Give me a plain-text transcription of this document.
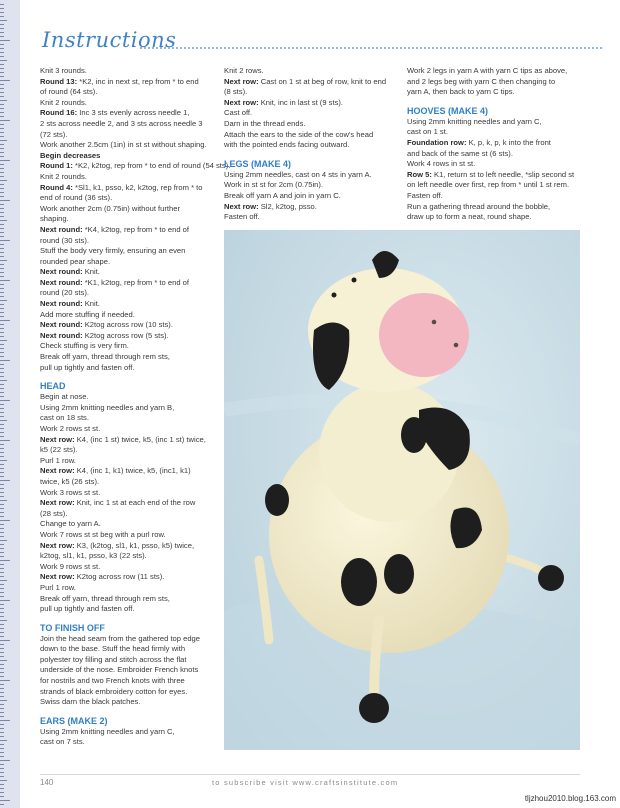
Instructions
Knit 3 rounds.
Round 13: *K2, inc in next st, rep from * to end
of round (64 sts).
Knit 2 rounds.
Round 16: Inc 3 sts evenly across needle 1,
2 sts across needle 2, and 3 sts across needle 3
(72 sts).
Work another 2.5cm (1in) in st st without shaping.
Begin decreases
Round 1: *K2, k2tog, rep from * to end of round (54 sts).
Knit 2 rounds.
Round 4: *Sl1, k1, psso, k2, k2tog, rep from * to
end of round (36 sts).
Work another 2cm (0.75in) without further
shaping.
Next round: *K4, k2tog, rep from * to end of
round (30 sts).
Stuff the body very firmly, ensuring an even
rounded pear shape.
Next round: Knit.
Next round: *K1, k2tog, rep from * to end of
round (20 sts).
Next round: Knit.
Add more stuffing if needed.
Next round: K2tog across row (10 sts).
Next round: K2tog across row (5 sts).
Check stuffing is very firm.
Break off yarn, thread through rem sts,
pull up tightly and fasten off.
HEAD
Begin at nose.
Using 2mm knitting needles and yarn B,
cast on 18 sts.
Work 2 rows st st.
Next row: K4, (inc 1 st) twice, k5, (inc 1 st) twice,
k5 (22 sts).
Purl 1 row.
Next row: K4, (inc 1, k1) twice, k5, (inc1, k1)
twice, k5 (26 sts).
Work 3 rows st st.
Next row: Knit, inc 1 st at each end of the row
(28 sts).
Change to yarn A.
Work 7 rows st st beg with a purl row.
Next row: K3, (k2tog, sl1, k1, psso, k5) twice,
k2tog, sl1, k1, psso, k3 (22 sts).
Work 9 rows st st.
Next row: K2tog across row (11 sts).
Purl 1 row.
Break off yarn, thread through rem sts,
pull up tightly and fasten off.
TO FINISH OFF
Join the head seam from the gathered top edge
down to the base. Stuff the head firmly with
polyester toy filling and stitch across the flat
underside of the nose. Embroider French knots
for nostrils and two French knots with three
strands of black embroidery cotton for eyes.
Swiss darn the black patches.
EARS (MAKE 2)
Using 2mm knitting needles and yarn C,
cast on 7 sts.
Knit 2 rows.
Next row: Cast on 1 st at beg of row, knit to end
(8 sts).
Next row: Knit, inc in last st (9 sts).
Cast off.
Darn in the thread ends.
Attach the ears to the side of the cow's head
with the pointed ends facing outward.
LEGS (MAKE 4)
Using 2mm needles, cast on 4 sts in yarn A.
Work in st st for 2cm (0.75in).
Break off yarn A and join in yarn C.
Next row: Sl2, k2tog, psso.
Fasten off.
Work 2 legs in yarn A with yarn C tips as above,
and 2 legs beg with yarn C then changing to
yarn A, then back to yarn C tips.
HOOVES (MAKE 4)
Using 2mm knitting needles and yarn C,
cast on 1 st.
Foundation row: K, p, k, p, k into the front
and back of the same st (6 sts).
Work 4 rows in st st.
Row 5: K1, return st to left needle, *slip second st
on left needle over first, rep from * until 1 st rem.
Fasten off.
Run a gathering thread around the bobble,
draw up to form a neat, round shape.
140	to subscribe visit www.craftsinstitute.com
tljzhou2010.blog.163.com
